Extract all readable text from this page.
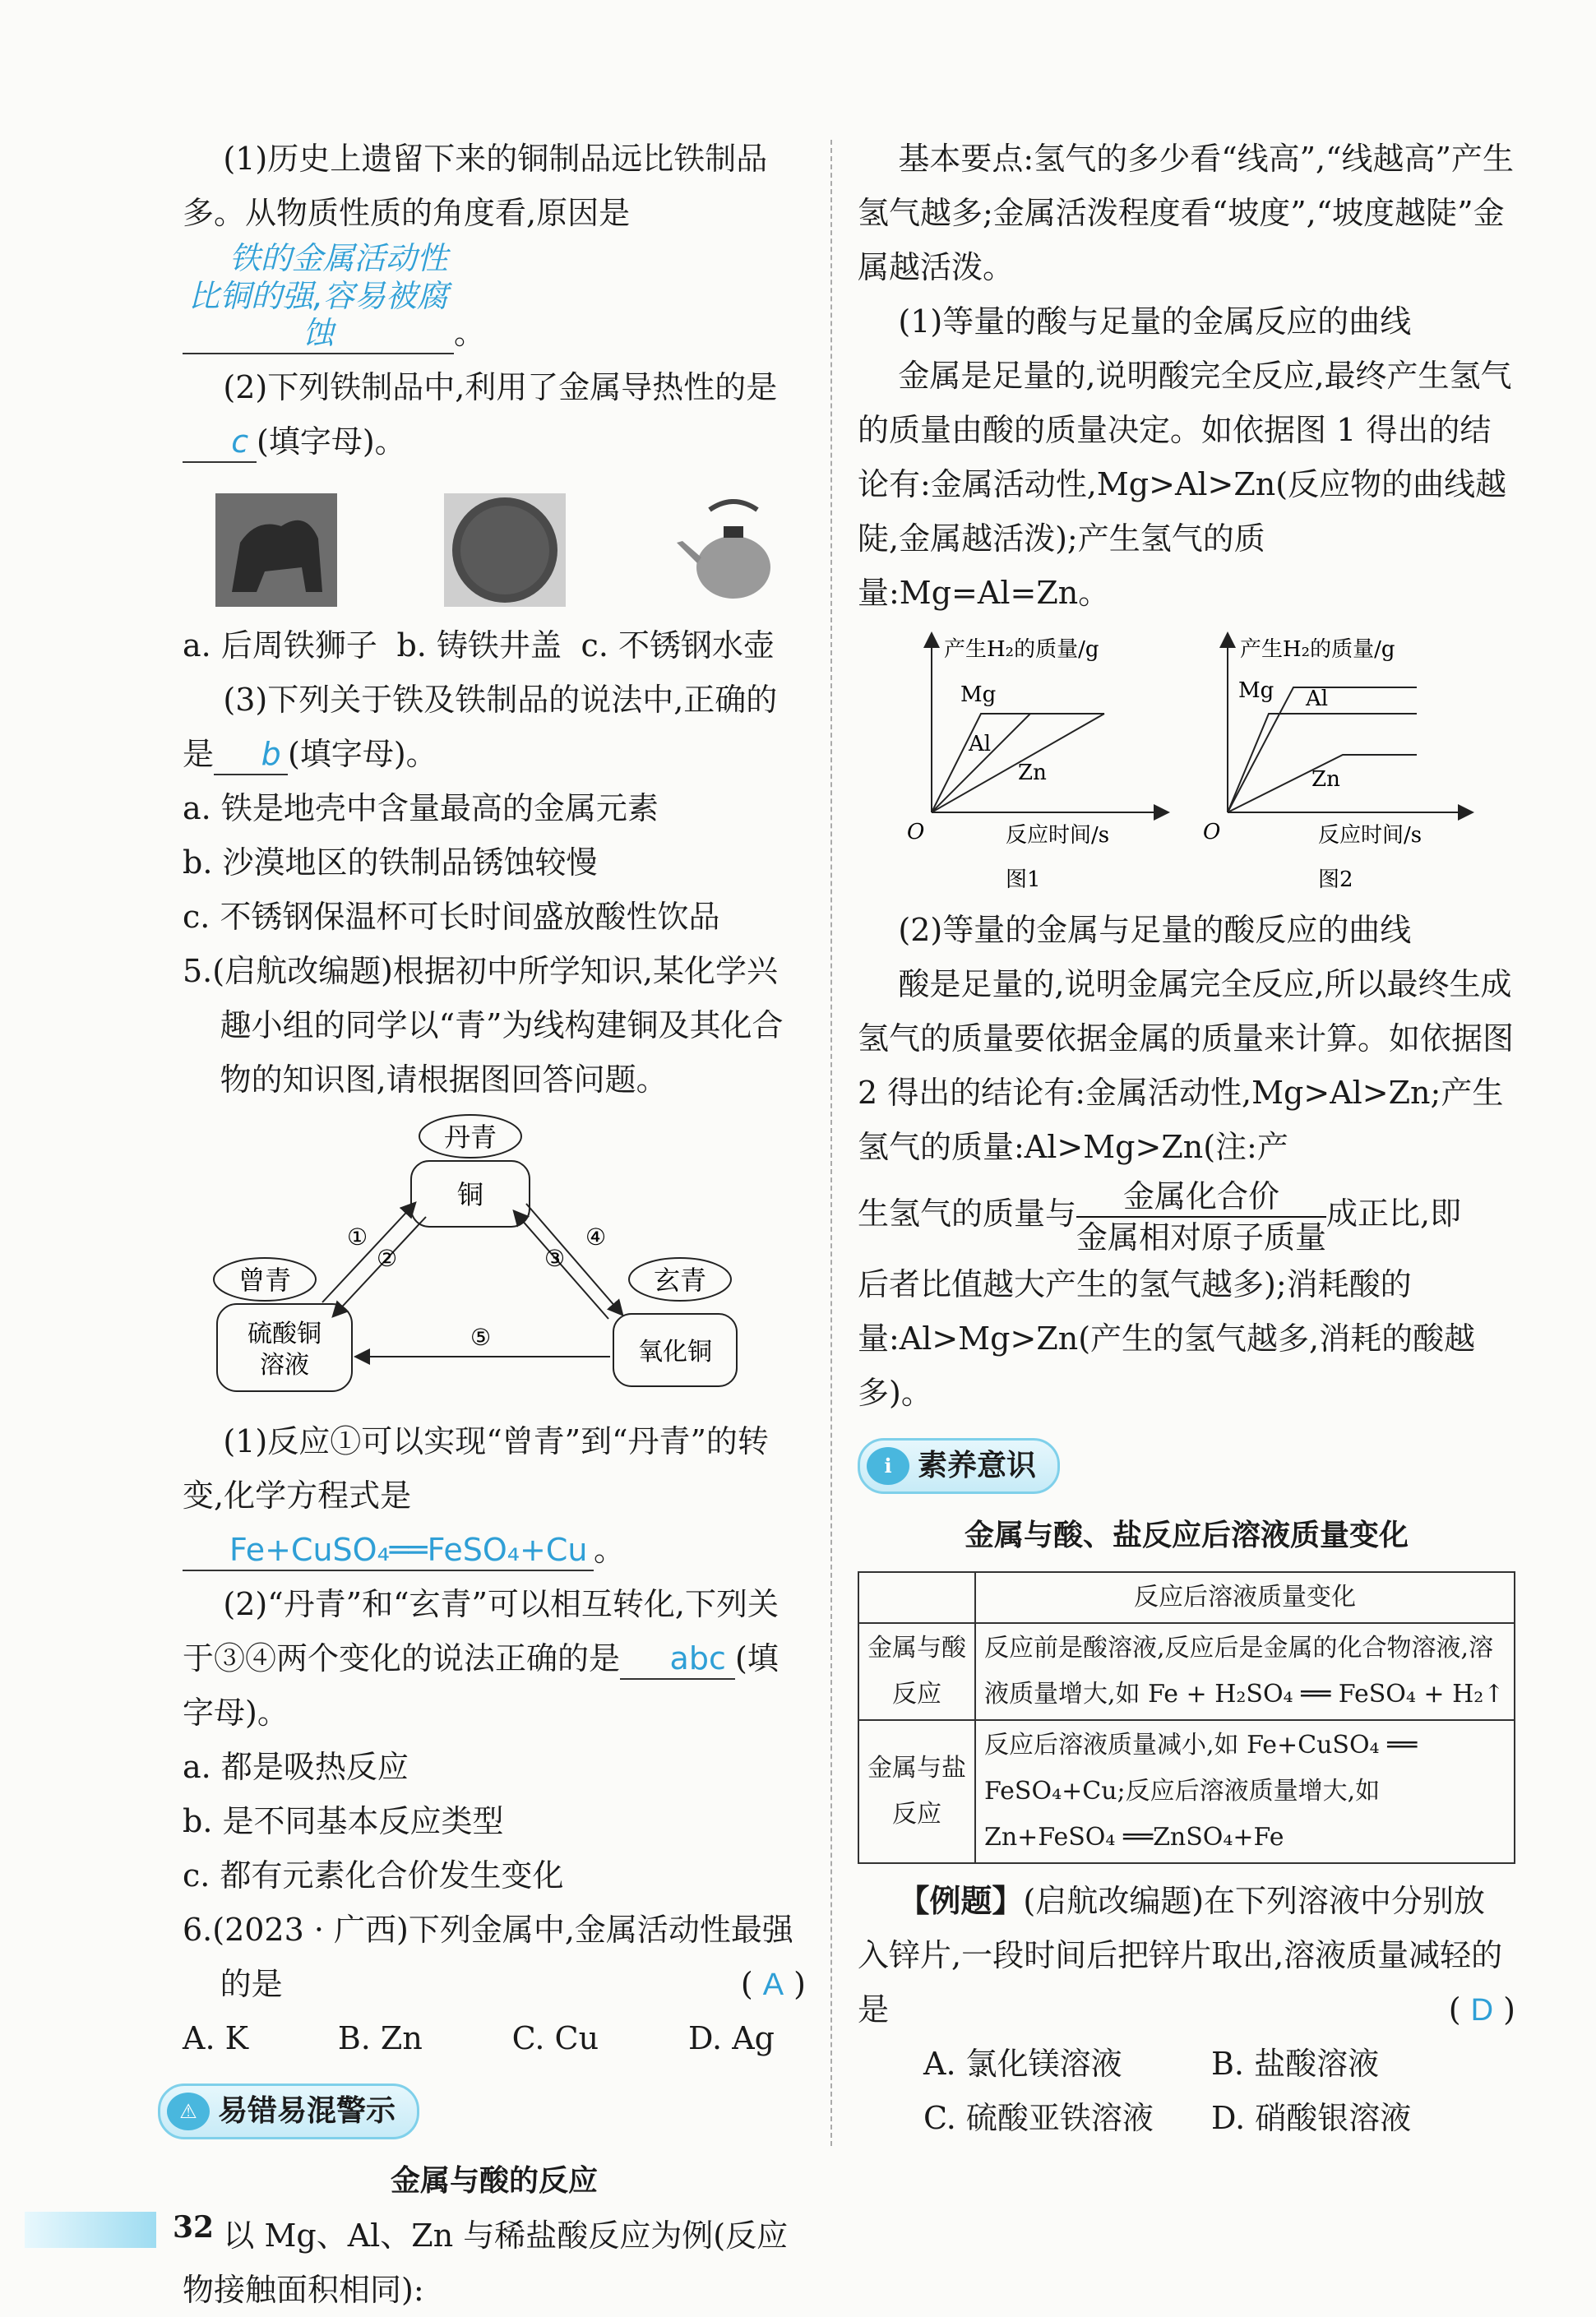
(1)历史上遗留下来的铜制品远比铁制品多。从物质性质的角度看,原因是铁的金属活动性比铜的强,容易被腐蚀	。

(2)下列铁制品中,利用了金属导热性的是 c (填字母)。

a. 后周铁狮子 b. 铸铁井盖 c. 不锈钢水壶

(3)下列关于铁及铁制品的说法中,正确的是 b (填字母)。

a. 铁是地壳中含量最高的金属元素

b. 沙漠地区的铁制品锈蚀较慢

c. 不锈钢保温杯可长时间盛放酸性饮品

5.(启航改编题)根据初中所学知识,某化学兴趣小组的同学以“青”为线构建铜及其化合物的知识图,请根据图回答问题。

丹青
铜
曾青	玄青
硫酸铜
溶液	氧化铜
①
②	③
④
⑤

(1)反应①可以实现“曾青”到“丹青”的转变,化学方程式是Fe+CuSO₄══FeSO₄+Cu 。

(2)“丹青”和“玄青”可以相互转化,下列关于③④两个变化的说法正确的是 abc (填字母)。

a. 都是吸热反应

b. 是不同基本反应类型

c. 都有元素化合价发生变化

6.(2023 · 广西)下列金属中,金属活动性最强的是	( A )

A. K	B. Zn	C. Cu	D. Ag
⚠ 易错易混警示

金属与酸的反应

以 Mg、Al、Zn 与稀盐酸反应为例(反应物接触面积相同):

基本要点:氢气的多少看“线高”,“线越高”产生氢气越多;金属活泼程度看“坡度”,“坡度越陡”金属越活泼。

(1)等量的酸与足量的金属反应的曲线

金属是足量的,说明酸完全反应,最终产生氢气的质量由酸的质量决定。如依据图 1 得出的结论有:金属活动性,Mg>Al>Zn(反应物的曲线越陡,金属越活泼);产生氢气的质量:Mg=Al=Zn。

产生H₂的质量/g
O	反应时间/s
图1
Mg
Al
Zn
产生H₂的质量/g
O	反应时间/s
图2
Mg Al
Zn

(2)等量的金属与足量的酸反应的曲线

酸是足量的,说明金属完全反应,所以最终生成氢气的质量要依据金属的质量来计算。如依据图 2 得出的结论有:金属活动性,Mg>Al>Zn;产生氢气的质量:Al>Mg>Zn(注:产

生氢气的质量与 $\frac{\text{金属化合价}}{\text{金属相对原子质量}}$ 成正比,即

后者比值越大产生的氢气越多);消耗酸的量:Al>Mg>Zn(产生的氢气越多,消耗的酸越多)。

ℹ 素养意识

金属与酸、盐反应后溶液质量变化

	反应后溶液质量变化
金属与酸反应	反应前是酸溶液,反应后是金属的化合物溶液,溶液质量增大,如 Fe + H₂SO₄ ══ FeSO₄ + H₂↑
金属与盐反应	反应后溶液质量减小,如 Fe+CuSO₄ ══ FeSO₄+Cu;反应后溶液质量增大,如 Zn+FeSO₄ ══ZnSO₄+Fe

【例题】(启航改编题)在下列溶液中分别放入锌片,一段时间后把锌片取出,溶液质量减轻的是	( D )

A. 氯化镁溶液	B. 盐酸溶液
C. 硫酸亚铁溶液	D. 硝酸银溶液
32
